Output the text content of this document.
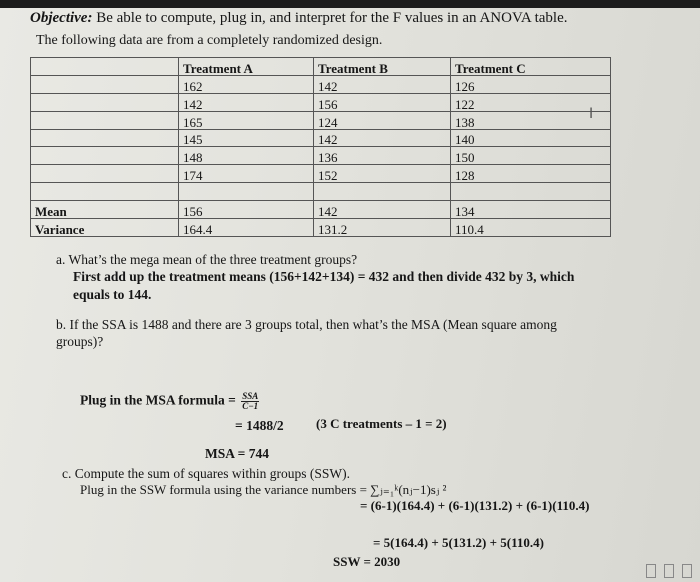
Objective: Be able to compute, plug in, and interpret for the F values in an ANOVA table.
The following data are from a completely randomized design.
	Treatment A	Treatment B	Treatment C
	162	142	126
	142	156	122
	165	124	138
	145	142	140
	148	136	150
	174	152	128

Mean	156	142	134
Variance	164.4	131.2	110.4
I
a. What’s the mega mean of the three treatment groups?
First add up the treatment means (156+142+134) = 432 and then divide 432 by 3, which equals to 144.
b. If the SSA is 1488 and there are 3 groups total, then what’s the MSA (Mean square among groups)?
Plug in the MSA formula = $\frac{\text{SSA}}{C-1}$
= 1488/2 (3 C treatments – 1 = 2)
MSA = 744
c. Compute the sum of squares within groups (SSW).
Plug in the SSW formula using the variance numbers = ∑ⱼ₌₁ᵏ(nⱼ−1)sⱼ ²
= (6-1)(164.4) + (6-1)(131.2) + (6-1)(110.4)
= 5(164.4) + 5(131.2) + 5(110.4)
SSW = 2030
